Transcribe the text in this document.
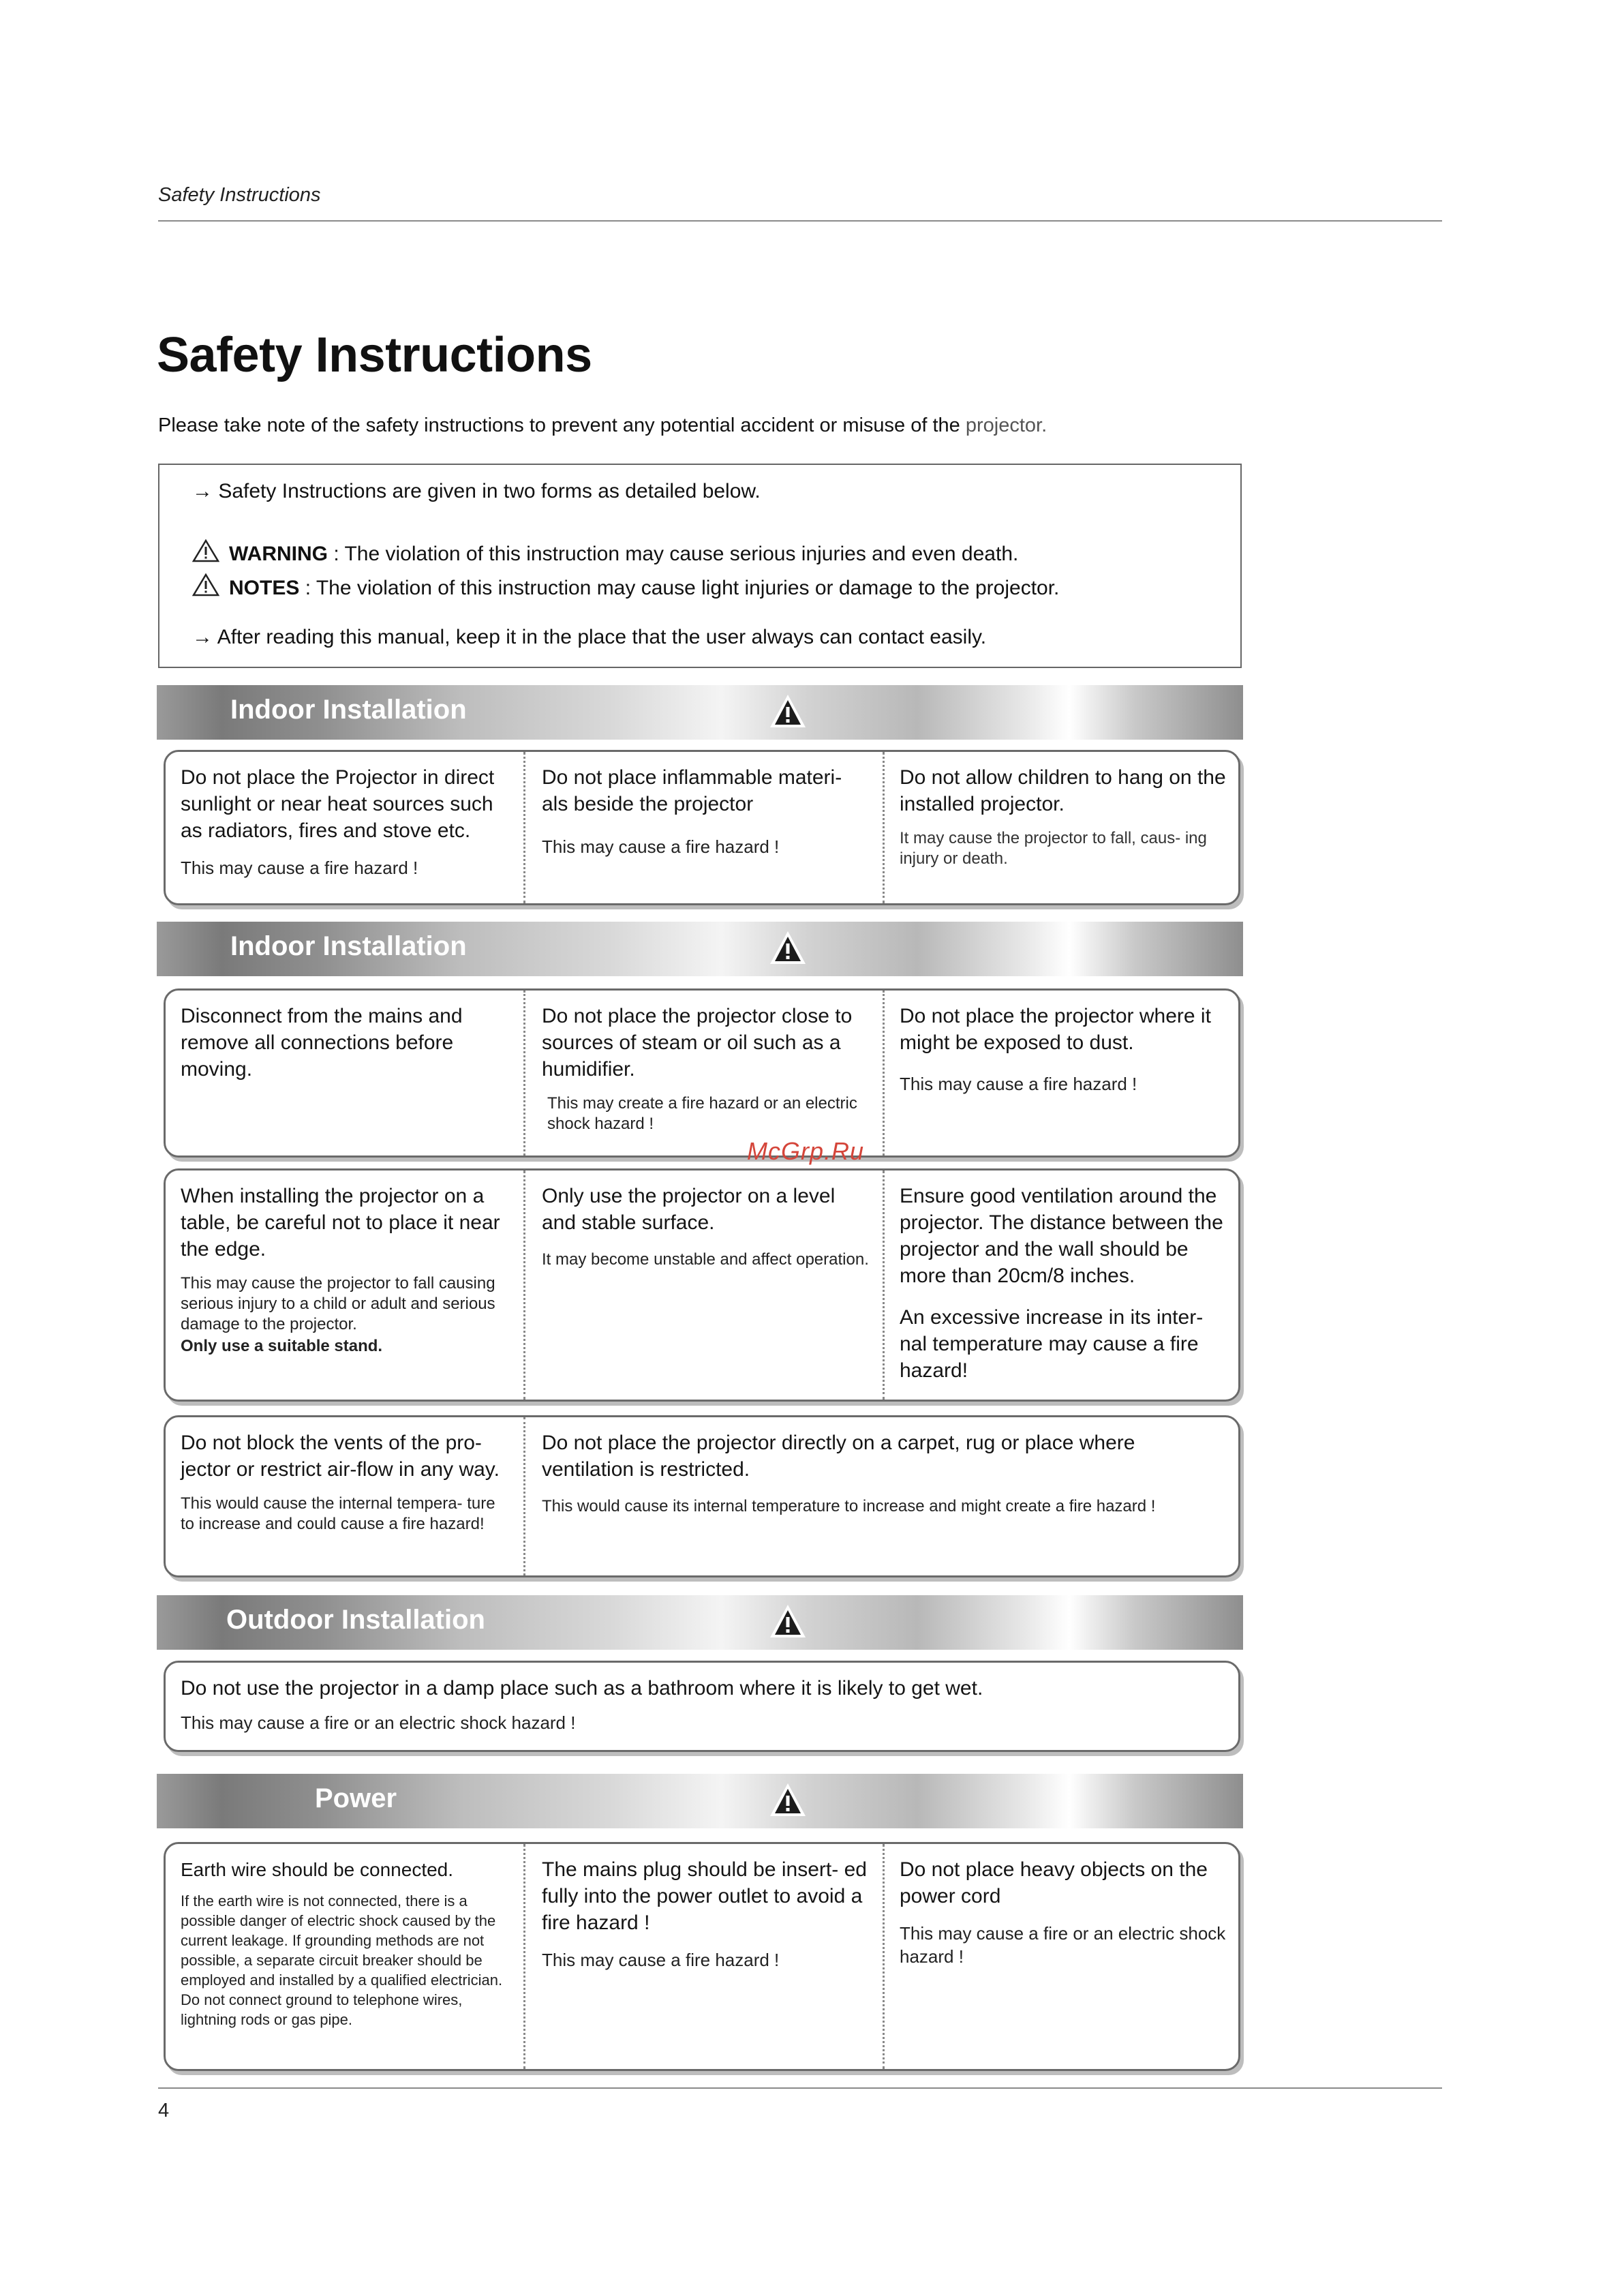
Safety Instructions
Safety Instructions
Please take note of the safety instructions to prevent any potential accident or misuse of the projector.
→ Safety Instructions are given in two forms as detailed below.
WARNING : The violation of this instruction may cause serious injuries and even death.
NOTES : The violation of this instruction may cause light injuries or damage to the projector.
→ After reading this manual, keep it in the place that the user always can contact easily.
Indoor Installation
Do not place the Projector in direct sunlight or near heat sources such as radiators, fires and stove etc.
This may cause a fire hazard !
Do not place inflammable materi- als beside the projector
This may cause a fire hazard !
Do not allow children to hang on the installed projector.
It may cause the projector to fall, caus- ing injury or death.
Indoor Installation
Disconnect from the mains and remove all connections before moving.
Do not place the projector close to sources of steam or oil such as a humidifier.
This may create a fire hazard or an electric shock hazard !
Do not place the projector where it might be exposed to dust.
This may cause a fire hazard !
McGrp.Ru
When installing the projector on a table, be careful not to place it near the edge.
This may cause the projector to fall causing serious injury to a child or adult and serious damage to the projector.
Only use a suitable stand.
Only use the projector on a level and stable surface.
It may become unstable and affect operation.
Ensure good ventilation around the projector. The distance between the projector and the wall should be more than 20cm/8 inches.
An excessive increase in its inter- nal temperature may cause a fire hazard!
Do not block the vents of the pro- jector or restrict air-flow in any way.
This would cause the internal tempera- ture to increase and could cause a fire hazard!
Do not place the projector directly on a carpet, rug or place where ventilation is restricted.
This would cause its internal temperature to increase and might create a fire hazard !
Outdoor Installation
Do not use the projector in a damp place such as a bathroom where it is likely to get wet.
This may cause a fire or an electric shock hazard !
Power
Earth wire should be connected.
If the earth wire is not connected, there is a possible danger of electric shock caused by the current leakage. If grounding methods are not possible, a separate circuit breaker should be employed and installed by a qualified electrician. Do not connect ground to telephone wires, lightning rods or gas pipe.
The mains plug should be insert- ed fully into the power outlet to avoid a fire hazard !
This may cause a fire hazard !
Do not place heavy objects on the power cord
This may cause a fire or an electric shock hazard !
4
